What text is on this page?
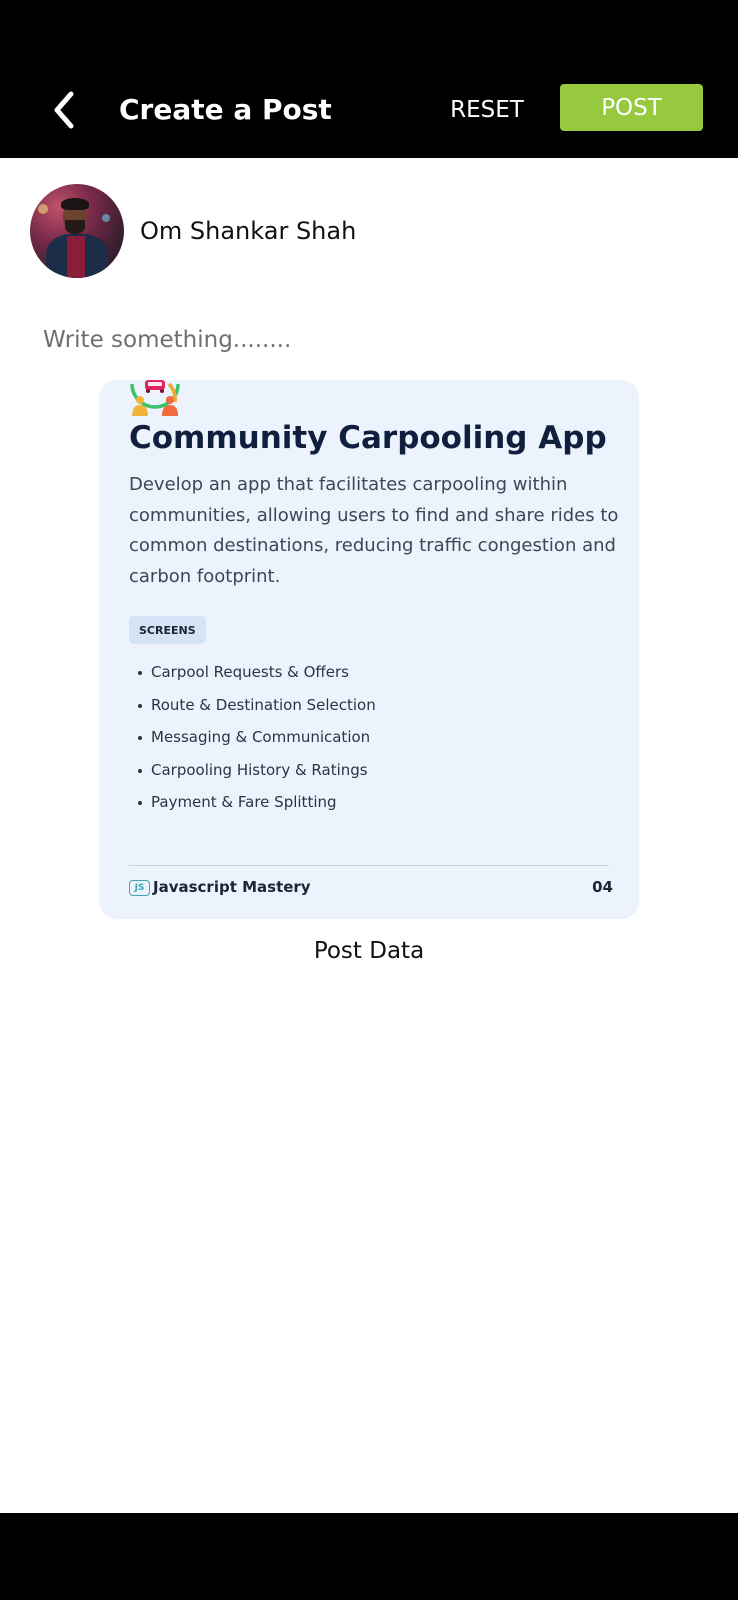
Create a Post	RESET	POST
Om Shankar Shah
Write something........
Community Carpooling App
Develop an app that facilitates carpooling within communities, allowing users to find and share rides to common destinations, reducing traffic congestion and carbon footprint.
SCREENS
Carpool Requests & Offers
Route & Destination Selection
Messaging & Communication
Carpooling History & Ratings
Payment & Fare Splitting
JS Javascript Mastery	04
Post Data
